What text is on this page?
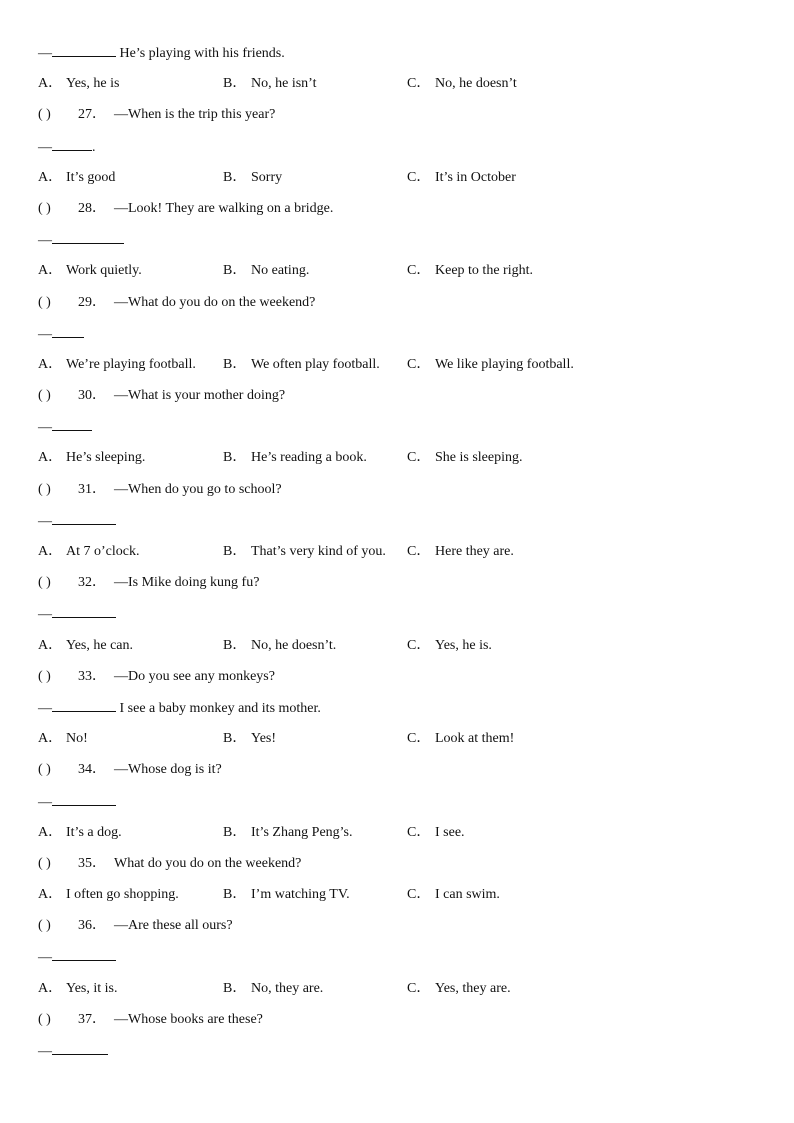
—	He’s playing with his friends.
A． Yes, he is	B． No, he isn’t	C． No, he doesn’t
( ) 27． —When is the trip this year?
—	.
A． It’s good	B． Sorry	C． It’s in October
( ) 28． —Look! They are walking on a bridge.
—
A． Work quietly.	B． No eating.	C． Keep to the right.
( ) 29． —What do you do on the weekend?
—
A． We’re playing football. B． We often play football. C． We like playing football.
( ) 30． —What is your mother doing?
—
A． He’s sleeping.	B． He’s reading a book.	C． She is sleeping.
( ) 31． —When do you go to school?
—
A． At 7 o’clock.	B． That’s very kind of you. C． Here they are.
( ) 32． —Is Mike doing kung fu?
—
A． Yes, he can.	B． No, he doesn’t.	C． Yes, he is.
( ) 33． —Do you see any monkeys?
—	I see a baby monkey and its mother.
A． No!	B． Yes!	C． Look at them!
( ) 34． —Whose dog is it?
—
A． It’s a dog.	B． It’s Zhang Peng’s.	C． I see.
( ) 35． What do you do on the weekend?
A． I often go shopping.	B． I’m watching TV.	C． I can swim.
( ) 36． —Are these all ours?
—
A． Yes, it is.	B． No, they are.	C． Yes, they are.
( ) 37． —Whose books are these?
—
